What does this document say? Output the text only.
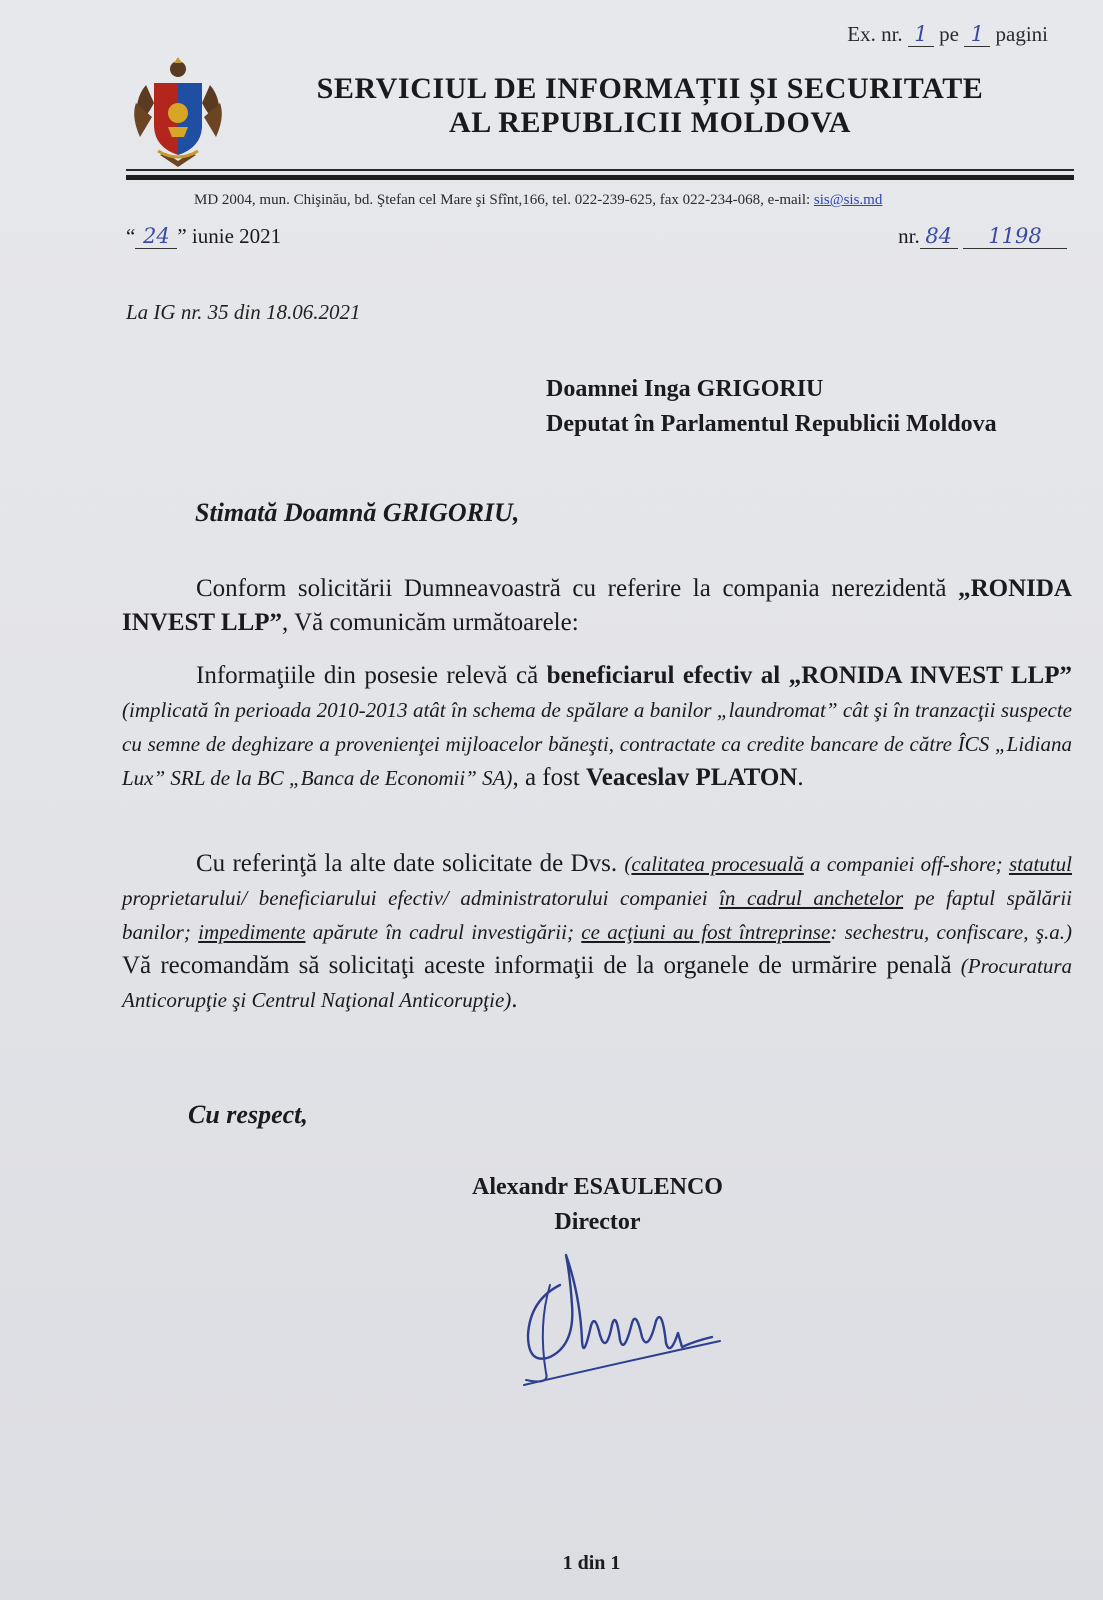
Ex. nr. 1 pe 1 pagini
SERVICIUL DE INFORMAȚII ȘI SECURITATE
AL REPUBLICII MOLDOVA
MD 2004, mun. Chişinău, bd. Ştefan cel Mare şi Sfînt,166, tel. 022-239-625, fax 022-234-068, e-mail: sis@sis.md
“ 24 ” iunie 2021	nr. 84 1198
La IG nr. 35 din 18.06.2021
Doamnei Inga GRIGORIU
Deputat în Parlamentul Republicii Moldova
Stimată Doamnă GRIGORIU,
Conform solicitării Dumneavoastră cu referire la compania nerezidentă „RONIDA INVEST LLP”, Vă comunicăm următoarele:
Informaţiile din posesie relevă că beneficiarul efectiv al „RONIDA INVEST LLP” (implicată în perioada 2010-2013 atât în schema de spălare a banilor „laundromat” cât şi în tranzacţii suspecte cu semne de deghizare a provenienţei mijloacelor băneşti, contractate ca credite bancare de către ÎCS „Lidiana Lux” SRL de la BC „Banca de Economii” SA), a fost Veaceslav PLATON.
Cu referinţă la alte date solicitate de Dvs. (calitatea procesuală a companiei off-shore; statutul proprietarului/ beneficiarului efectiv/ administratorului companiei în cadrul anchetelor pe faptul spălării banilor; impedimente apărute în cadrul investigării; ce acţiuni au fost întreprinse: sechestru, confiscare, ş.a.) Vă recomandăm să solicitaţi aceste informaţii de la organele de urmărire penală (Procuratura Anticorupţie şi Centrul Naţional Anticorupţie).
Cu respect,
Alexandr ESAULENCO
Director
1 din 1
